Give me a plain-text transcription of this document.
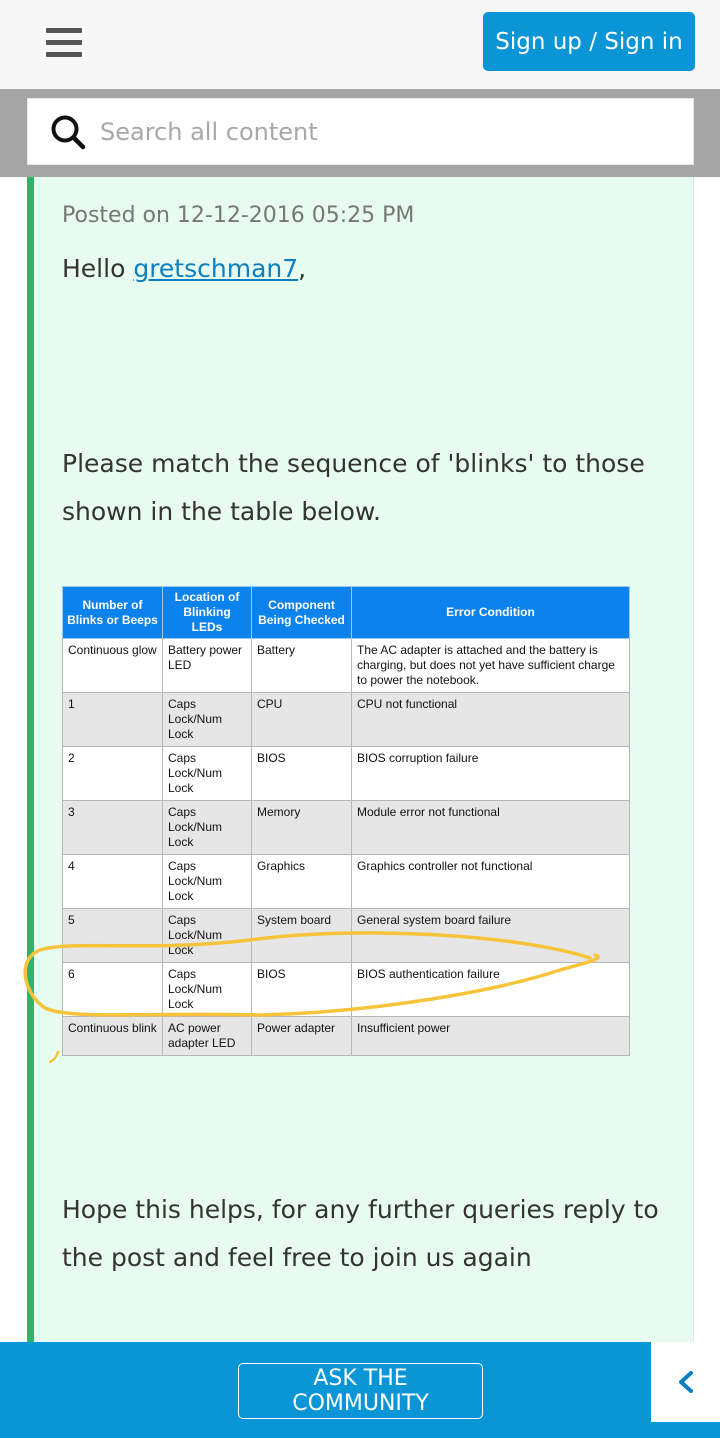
Sign up / Sign in
Search all content
Posted on 12-12-2016 05:25 PM
Hello gretschman7,
Please match the sequence of 'blinks' to those shown in the table below.
Number of Blinks or Beeps	Location of Blinking LEDs	Component Being Checked	Error Condition
Continuous glow	Battery power LED	Battery	The AC adapter is attached and the battery is charging, but does not yet have sufficient charge to power the notebook.
1	Caps Lock/Num Lock	CPU	CPU not functional
2	Caps Lock/Num Lock	BIOS	BIOS corruption failure
3	Caps Lock/Num Lock	Memory	Module error not functional
4	Caps Lock/Num Lock	Graphics	Graphics controller not functional
5	Caps Lock/Num Lock	System board	General system board failure
6	Caps Lock/Num Lock	BIOS	BIOS authentication failure
Continuous blink	AC power adapter LED	Power adapter	Insufficient power
Hope this helps, for any further queries reply to the post and feel free to join us again
ASK THE COMMUNITY
